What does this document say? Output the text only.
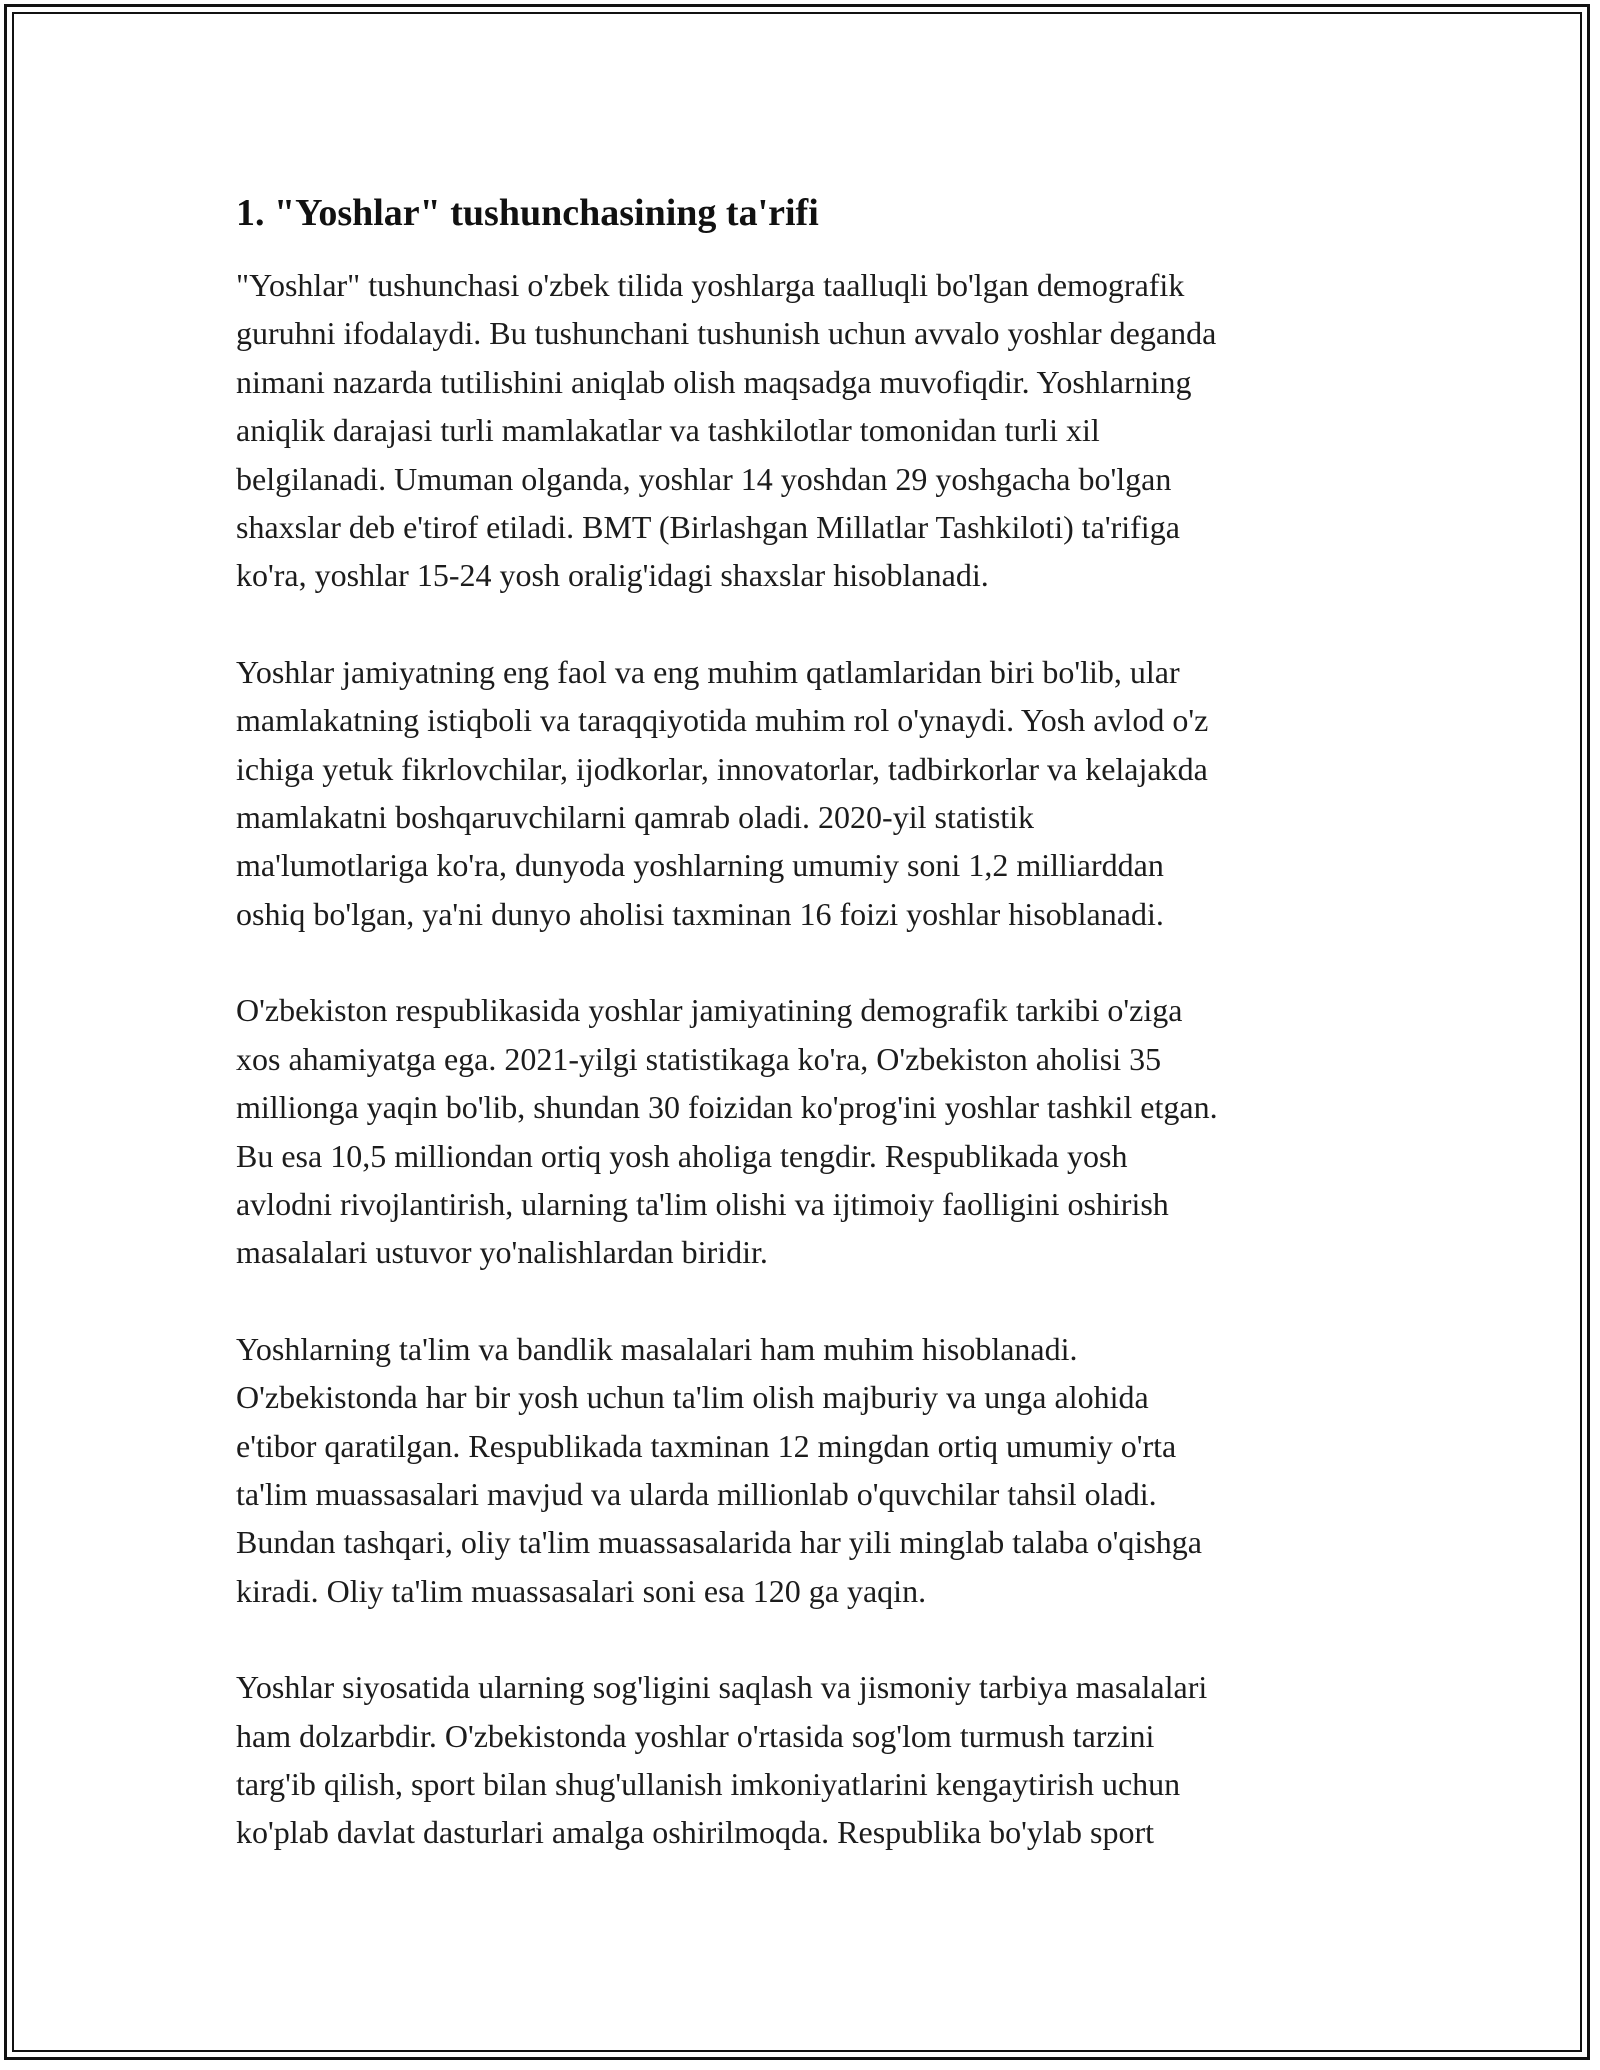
1. "Yoshlar" tushunchasining ta'rifi

"Yoshlar" tushunchasi o'zbek tilida yoshlarga taalluqli bo'lgan demografik
guruhni ifodalaydi. Bu tushunchani tushunish uchun avvalo yoshlar deganda
nimani nazarda tutilishini aniqlab olish maqsadga muvofiqdir. Yoshlarning
aniqlik darajasi turli mamlakatlar va tashkilotlar tomonidan turli xil
belgilanadi. Umuman olganda, yoshlar 14 yoshdan 29 yoshgacha bo'lgan
shaxslar deb e'tirof etiladi. BMT (Birlashgan Millatlar Tashkiloti) ta'rifiga
ko'ra, yoshlar 15-24 yosh oralig'idagi shaxslar hisoblanadi.

Yoshlar jamiyatning eng faol va eng muhim qatlamlaridan biri bo'lib, ular
mamlakatning istiqboli va taraqqiyotida muhim rol o'ynaydi. Yosh avlod o'z
ichiga yetuk fikrlovchilar, ijodkorlar, innovatorlar, tadbirkorlar va kelajakda
mamlakatni boshqaruvchilarni qamrab oladi. 2020-yil statistik
ma'lumotlariga ko'ra, dunyoda yoshlarning umumiy soni 1,2 milliarddan
oshiq bo'lgan, ya'ni dunyo aholisi taxminan 16 foizi yoshlar hisoblanadi.

O'zbekiston respublikasida yoshlar jamiyatining demografik tarkibi o'ziga
xos ahamiyatga ega. 2021-yilgi statistikaga ko'ra, O'zbekiston aholisi 35
millionga yaqin bo'lib, shundan 30 foizidan ko'prog'ini yoshlar tashkil etgan.
Bu esa 10,5 milliondan ortiq yosh aholiga tengdir. Respublikada yosh
avlodni rivojlantirish, ularning ta'lim olishi va ijtimoiy faolligini oshirish
masalalari ustuvor yo'nalishlardan biridir.

Yoshlarning ta'lim va bandlik masalalari ham muhim hisoblanadi.
O'zbekistonda har bir yosh uchun ta'lim olish majburiy va unga alohida
e'tibor qaratilgan. Respublikada taxminan 12 mingdan ortiq umumiy o'rta
ta'lim muassasalari mavjud va ularda millionlab o'quvchilar tahsil oladi.
Bundan tashqari, oliy ta'lim muassasalarida har yili minglab talaba o'qishga
kiradi. Oliy ta'lim muassasalari soni esa 120 ga yaqin.

Yoshlar siyosatida ularning sog'ligini saqlash va jismoniy tarbiya masalalari
ham dolzarbdir. O'zbekistonda yoshlar o'rtasida sog'lom turmush tarzini
targ'ib qilish, sport bilan shug'ullanish imkoniyatlarini kengaytirish uchun
ko'plab davlat dasturlari amalga oshirilmoqda. Respublika bo'ylab sport
